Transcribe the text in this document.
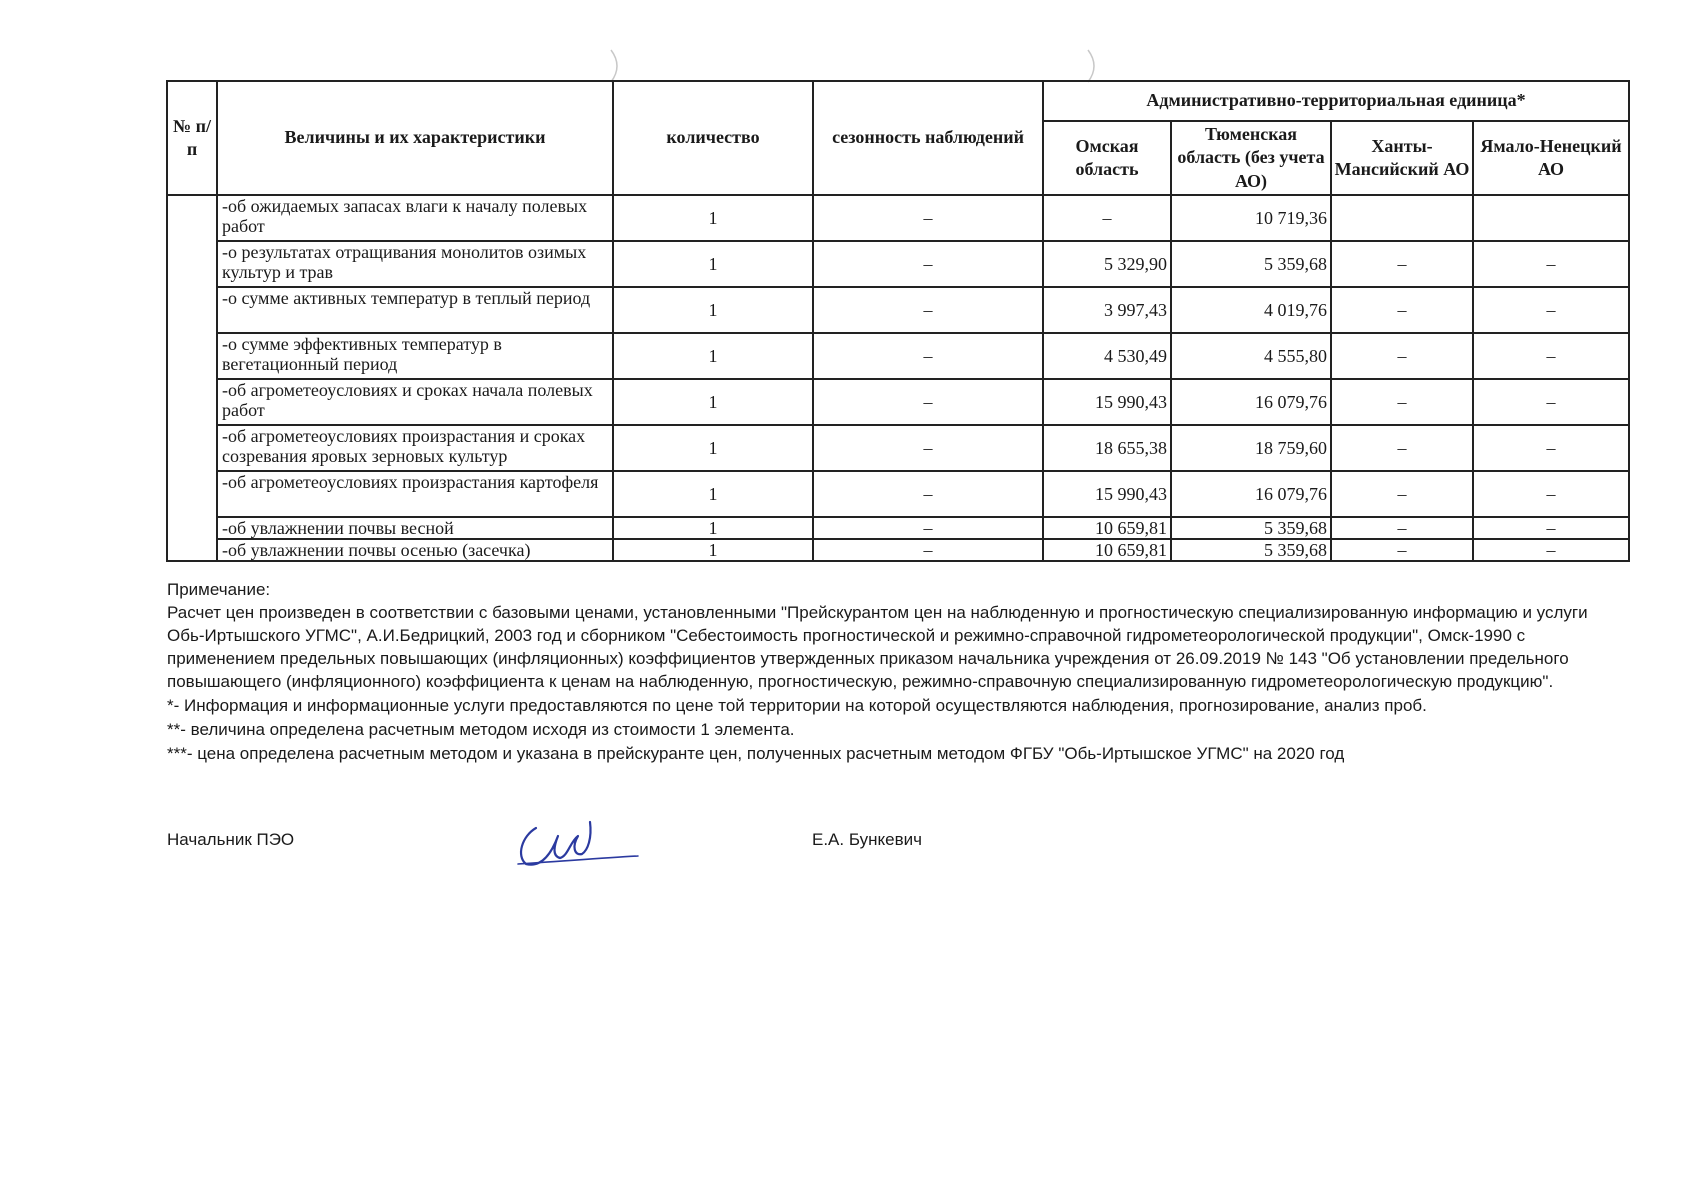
№ п/п	Величины и их характеристики	количество	сезонность наблюдений	Административно-территориальная единица*			
				Омская область	Тюменская область (без учета АО)	Ханты-Мансийский АО	Ямало-Ненецкий АО

	-об ожидаемых запасах влаги к началу полевых работ	1	–	–	10 719,36		

	-о результатах отращивания монолитов озимых культур и трав	1	–	5 329,90	5 359,68	–	–

	-о сумме активных температур в теплый период	1	–	3 997,43	4 019,76	–	–

	-о сумме эффективных температур в вегетационный период	1	–	4 530,49	4 555,80	–	–

	-об агрометеоусловиях и сроках начала полевых работ	1	–	15 990,43	16 079,76	–	–

	-об агрометеоусловиях произрастания и сроках созревания яровых зерновых культур	1	–	18 655,38	18 759,60	–	–

	-об агрометеоусловиях произрастания картофеля	1	–	15 990,43	16 079,76	–	–

	-об увлажнении почвы весной	1	–	10 659,81	5 359,68	–	–

	-об увлажнении почвы осенью (засечка)	1	–	10 659,81	5 359,68	–	–

Примечание:

Расчет цен произведен в соответствии с базовыми ценами, установленными "Прейскурантом цен на наблюденную и прогностическую специализированную информацию и услуги Обь-Иртышского УГМС", А.И.Бедрицкий, 2003 год и сборником "Себестоимость прогностической и режимно-справочной гидрометеорологической продукции", Омск-1990 с применением предельных повышающих (инфляционных) коэффициентов утвержденных приказом начальника учреждения от 26.09.2019 № 143 "Об установлении предельного повышающего (инфляционного) коэффициента к ценам на наблюденную, прогностическую, режимно-справочную специализированную гидрометеорологическую продукцию".

*- Информация и информационные услуги предоставляются по цене той территории на которой осуществляются наблюдения, прогнозирование, анализ проб.

**- величина определена расчетным методом исходя из стоимости 1 элемента.

***- цена определена расчетным методом и указана в прейскуранте цен, полученных расчетным методом ФГБУ "Обь-Иртышское УГМС" на 2020 год

Начальник ПЭО	Е.А. Бункевич
